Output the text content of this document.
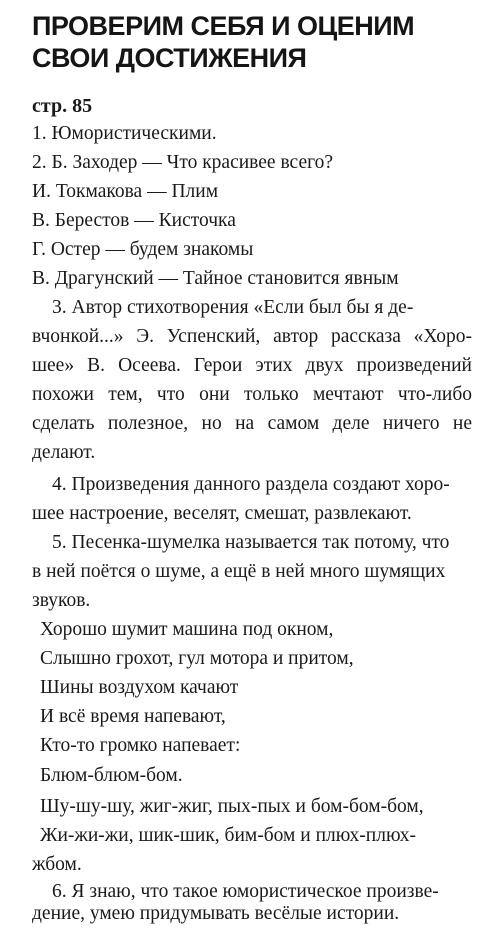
ПРОВЕРИМ СЕБЯ И ОЦЕНИМ
СВОИ ДОСТИЖЕНИЯ
стр. 85
1. Юмористическими.
2. Б. Заходер — Что красивее всего?
И. Токмакова — Плим
В. Берестов — Кисточка
Г. Остер — будем знакомы
В. Драгунский — Тайное становится явным
3. Автор стихотворения «Если был бы я де-
вчонкой...» Э. Успенский, автор рассказа «Хоро-
шее» В. Осеева. Герои этих двух произведений
похожи тем, что они только мечтают что-либо
сделать полезное, но на самом деле ничего не
делают.
4. Произведения данного раздела создают хоро-
шее настроение, веселят, смешат, развлекают.
5. Песенка-шумелка называется так потому, что
в ней поётся о шуме, а ещё в ней много шумящих
звуков.
Хорошо шумит машина под окном,
Слышно грохот, гул мотора и притом,
Шины воздухом качают
И всё время напевают,
Кто-то громко напевает:
Блюм-блюм-бом.
Шу-шу-шу, жиг-жиг, пых-пых и бом-бом-бом,
Жи-жи-жи, шик-шик, бим-бом и плюх-плюх-
жбом.
6. Я знаю, что такое юмористическое произве-
дение, умею придумывать весёлые истории.
